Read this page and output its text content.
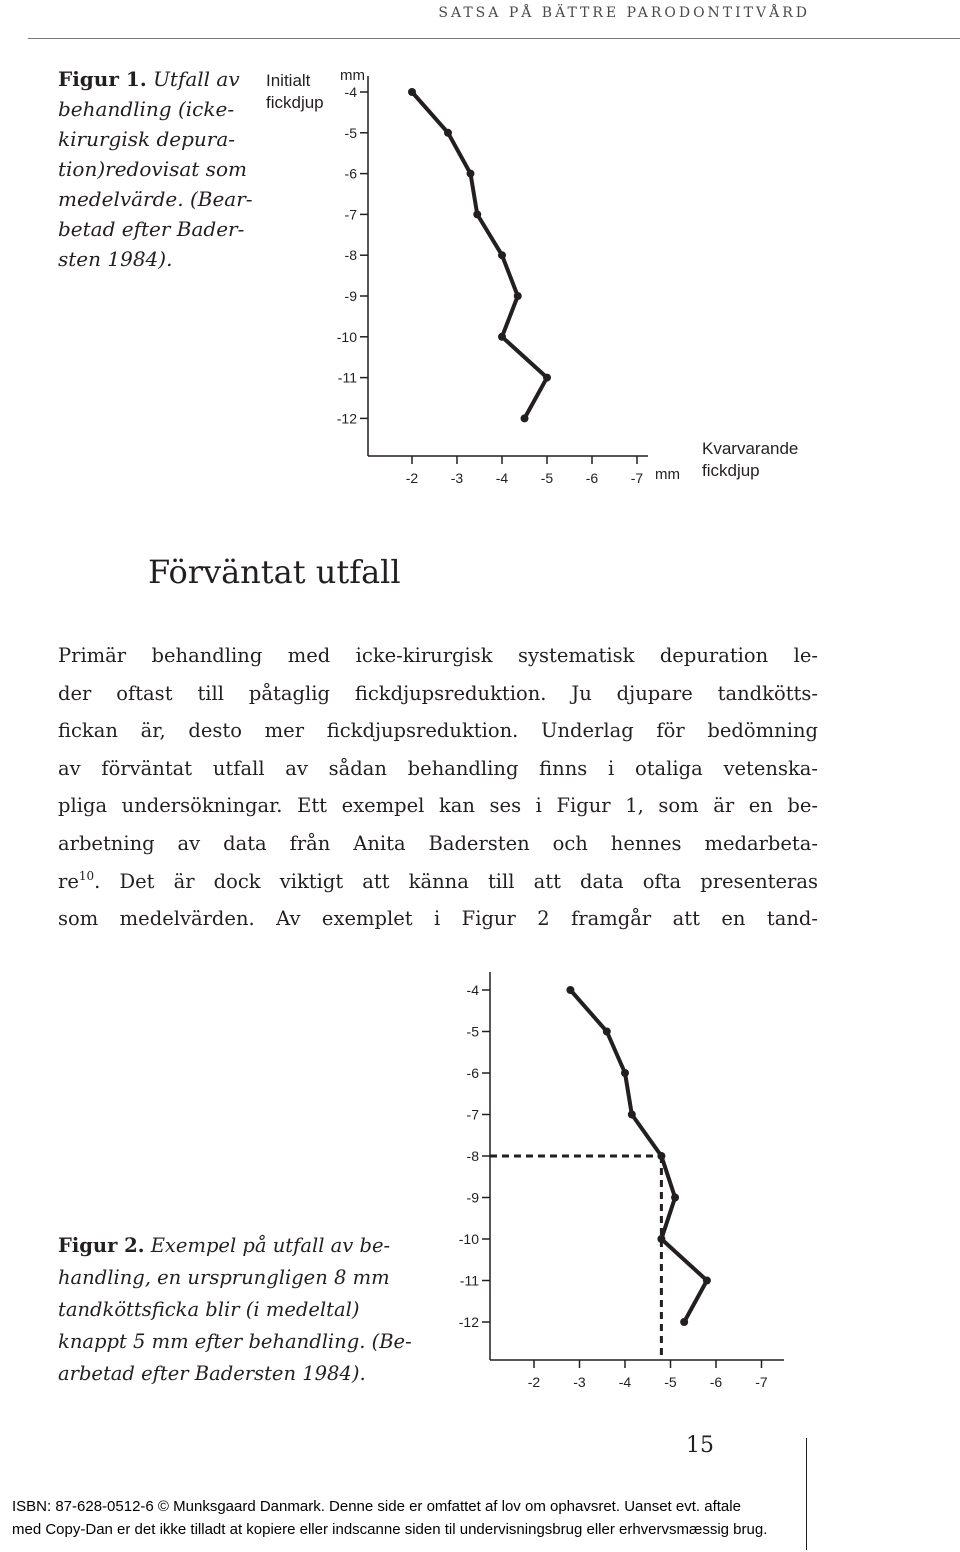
SATSA PÅ BÄTTRE PARODONTITVÅRD
Figur 1. Utfall av
behandling (icke-
kirurgisk depura-
tion)redovisat som
medelvärde. (Bear-
betad efter Bader-
sten 1984).
Initialt
fickdjup
mm
mm
Kvarvarande
fickdjup
-4
-5
-6
-7
-8
-9
-10
-11
-12
-2 -3 -4 -5 -6 -7
Förväntat utfall
Primär behandling med icke-kirurgisk systematisk depuration le-
der oftast till påtaglig fickdjupsreduktion. Ju djupare tandkötts-
fickan är, desto mer fickdjupsreduktion. Underlag för bedömning
av förväntat utfall av sådan behandling finns i otaliga vetenska-
pliga undersökningar. Ett exempel kan ses i Figur 1, som är en be-
arbetning av data från Anita Badersten och hennes medarbeta-
$re^{10}$. Det är dock viktigt att känna till att data ofta presenteras
som medelvärden. Av exemplet i Figur 2 framgår att en tand-
-4
-5
-6
-7
-8
-9
-10
-11
-12
-2 -3 -4 -5 -6 -7
Figur 2. Exempel på utfall av be-
handling, en ursprungligen 8 mm
tandköttsficka blir (i medeltal)
knappt 5 mm efter behandling. (Be-
arbetad efter Badersten 1984).
15
ISBN: 87-628-0512-6 © Munksgaard Danmark. Denne side er omfattet af lov om ophavsret. Uanset evt. aftale
med Copy-Dan er det ikke tilladt at kopiere eller indscanne siden til undervisningsbrug eller erhvervsmæssig brug.
